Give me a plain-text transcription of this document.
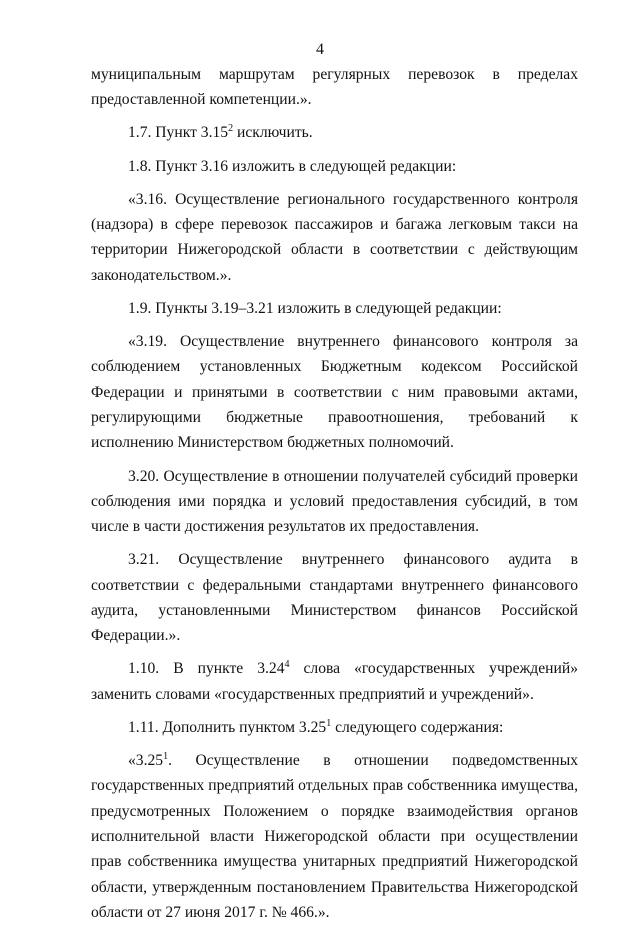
4

муниципальным маршрутам регулярных перевозок в пределах предоставленной компетенции.».

1.7. Пункт 3.15$^2$ исключить.

1.8. Пункт 3.16 изложить в следующей редакции:

«3.16. Осуществление регионального государственного контроля (надзора) в сфере перевозок пассажиров и багажа легковым такси на территории Нижегородской области в соответствии с действующим законодательством.».

1.9. Пункты 3.19–3.21 изложить в следующей редакции:

«3.19. Осуществление внутреннего финансового контроля за соблюдением установленных Бюджетным кодексом Российской Федерации и принятыми в соответствии с ним правовыми актами, регулирующими бюджетные правоотношения, требований к исполнению Министерством бюджетных полномочий.

3.20. Осуществление в отношении получателей субсидий проверки соблюдения ими порядка и условий предоставления субсидий, в том числе в части достижения результатов их предоставления.

3.21. Осуществление внутреннего финансового аудита в соответствии с федеральными стандартами внутреннего финансового аудита, установленными Министерством финансов Российской Федерации.».

1.10. В пункте 3.24$^4$ слова «государственных учреждений» заменить словами «государственных предприятий и учреждений».

1.11. Дополнить пунктом 3.25$^1$ следующего содержания:

«3.25$^1$. Осуществление в отношении подведомственных государственных предприятий отдельных прав собственника имущества, предусмотренных Положением о порядке взаимодействия органов исполнительной власти Нижегородской области при осуществлении прав собственника имущества унитарных предприятий Нижегородской области, утвержденным постановлением Правительства Нижегородской области от 27 июня 2017 г. № 466.».
